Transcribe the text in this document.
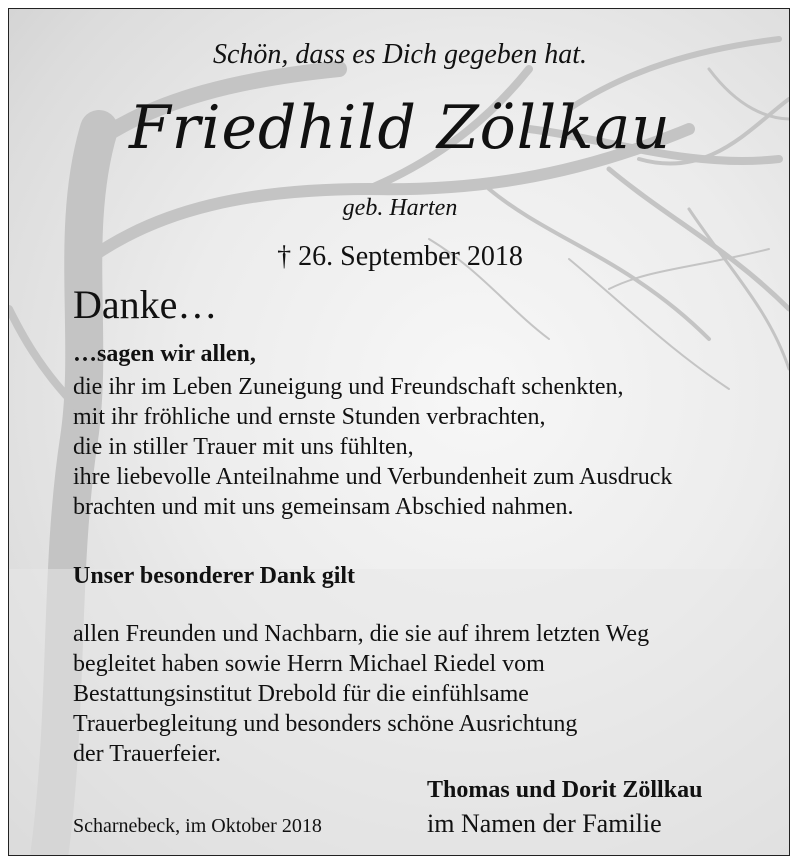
Schön, dass es Dich gegeben hat.
Friedhild Zöllkau
geb. Harten
† 26. September 2018
Danke…
…sagen wir allen,
die ihr im Leben Zuneigung und Freundschaft schenkten,
mit ihr fröhliche und ernste Stunden verbrachten,
die in stiller Trauer mit uns fühlten,
ihre liebevolle Anteilnahme und Verbundenheit zum Ausdruck
brachten und mit uns gemeinsam Abschied nahmen.
Unser besonderer Dank gilt
allen Freunden und Nachbarn, die sie auf ihrem letzten Weg
begleitet haben sowie Herrn Michael Riedel vom
Bestattungsinstitut Drebold für die einfühlsame
Trauerbegleitung und besonders schöne Ausrichtung
der Trauerfeier.
Thomas und Dorit Zöllkau
Scharnebeck, im Oktober 2018	im Namen der Familie
